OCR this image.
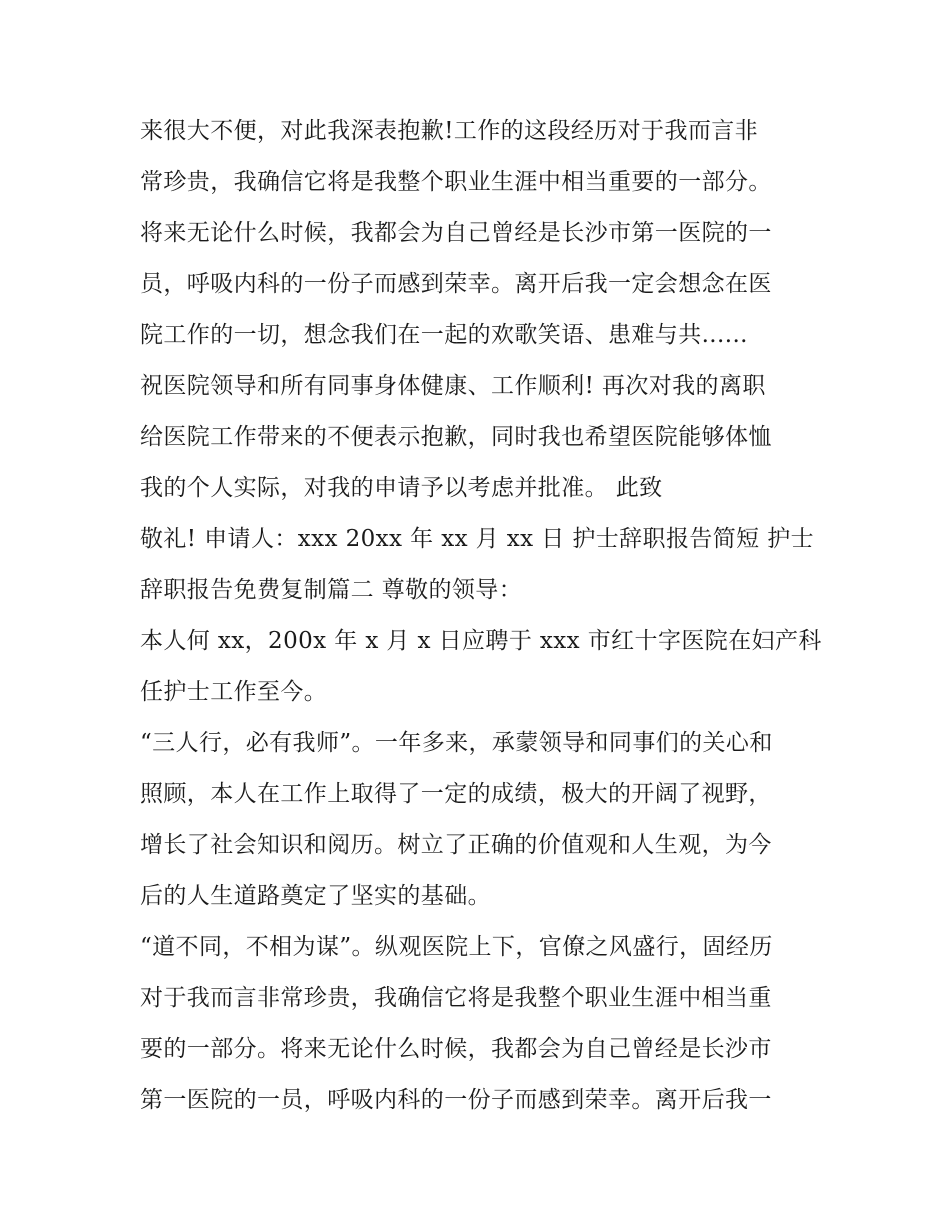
来很大不便，对此我深表抱歉!工作的这段经历对于我而言非
常珍贵，我确信它将是我整个职业生涯中相当重要的一部分。
将来无论什么时候，我都会为自己曾经是长沙市第一医院的一
员，呼吸内科的一份子而感到荣幸。离开后我一定会想念在医
院工作的一切，想念我们在一起的欢歌笑语、患难与共......
祝医院领导和所有同事身体健康、工作顺利! 再次对我的离职
给医院工作带来的不便表示抱歉，同时我也希望医院能够体恤
我的个人实际，对我的申请予以考虑并批准。 此致
敬礼! 申请人：xxx 20xx 年 xx 月 xx 日 护士辞职报告简短 护士
辞职报告免费复制篇二 尊敬的领导：
本人何 xx，200x 年 x 月 x 日应聘于 xxx 市红十字医院在妇产科
任护士工作至今。
“三人行，必有我师”。一年多来，承蒙领导和同事们的关心和
照顾，本人在工作上取得了一定的成绩，极大的开阔了视野，
增长了社会知识和阅历。树立了正确的价值观和人生观，为今
后的人生道路奠定了坚实的基础。
“道不同，不相为谋”。纵观医院上下，官僚之风盛行，固经历
对于我而言非常珍贵，我确信它将是我整个职业生涯中相当重
要的一部分。将来无论什么时候，我都会为自己曾经是长沙市
第一医院的一员，呼吸内科的一份子而感到荣幸。离开后我一
